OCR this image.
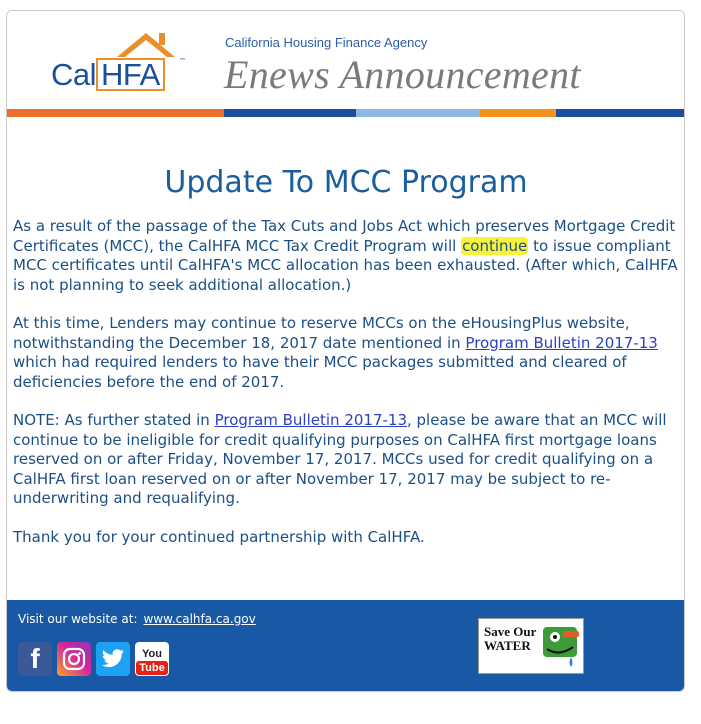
Cal HFA	™
California Housing Finance Agency
Enews Announcement
Update To MCC Program

As a result of the passage of the Tax Cuts and Jobs Act which preserves Mortgage Credit Certificates (MCC), the CalHFA MCC Tax Credit Program will continue to issue compliant MCC certificates until CalHFA's MCC allocation has been exhausted. (After which, CalHFA is not planning to seek additional allocation.)

At this time, Lenders may continue to reserve MCCs on the eHousingPlus website, notwithstanding the December 18, 2017 date mentioned in Program Bulletin 2017-13 which had required lenders to have their MCC packages submitted and cleared of deficiencies before the end of 2017.

NOTE: As further stated in Program Bulletin 2017-13, please be aware that an MCC will continue to be ineligible for credit qualifying purposes on CalHFA first mortgage loans reserved on or after Friday, November 17, 2017. MCCs used for credit qualifying on a CalHFA first loan reserved on or after November 17, 2017 may be subject to re-underwriting and requalifying.

Thank you for your continued partnership with CalHFA.

Visit our website at: www.calhfa.ca.gov
f	You
Tube
Save Our
WATER
